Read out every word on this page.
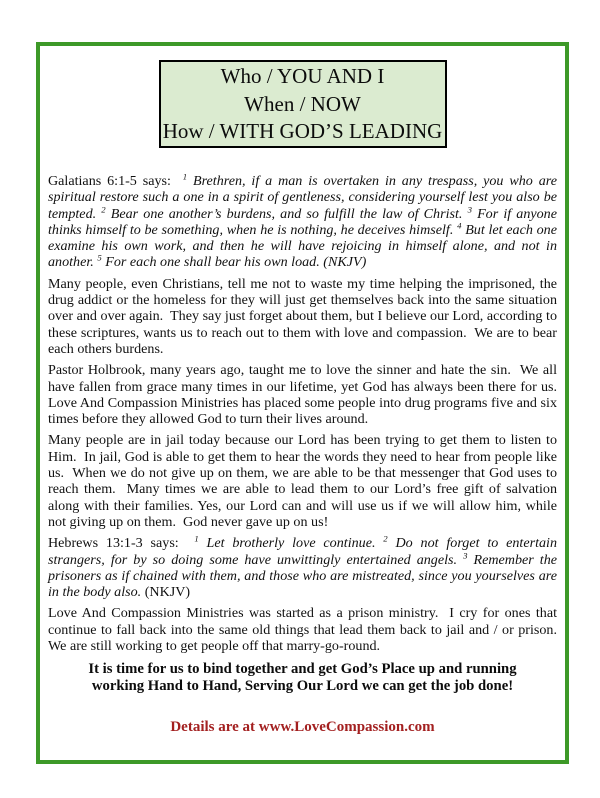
Who / YOU AND I
When / NOW
How / WITH GOD’S LEADING

Galatians 6:1-5 says:  $^1$ Brethren, if a man is overtaken in any trespass, you who are spiritual restore such a one in a spirit of gentleness, considering yourself lest you also be tempted. $^2$ Bear one another’s burdens, and so fulfill the law of Christ. $^3$ For if anyone thinks himself to be something, when he is nothing, he deceives himself. $^4$ But let each one examine his own work, and then he will have rejoicing in himself alone, and not in another. $^5$ For each one shall bear his own load. (NKJV)

Many people, even Christians, tell me not to waste my time helping the imprisoned, the drug addict or the homeless for they will just get themselves back into the same situation over and over again.  They say just forget about them, but I believe our Lord, according to these scriptures, wants us to reach out to them with love and compassion.  We are to bear each others burdens.

Pastor Holbrook, many years ago, taught me to love the sinner and hate the sin.  We all have fallen from grace many times in our lifetime, yet God has always been there for us.  Love And Compassion Ministries has placed some people into drug programs five and six times before they allowed God to turn their lives around.

Many people are in jail today because our Lord has been trying to get them to listen to Him.  In jail, God is able to get them to hear the words they need to hear from people like us.  When we do not give up on them, we are able to be that messenger that God uses to reach them.  Many times we are able to lead them to our Lord’s free gift of salvation along with their families. Yes, our Lord can and will use us if we will allow him, while not giving up on them.  God never gave up on us!

Hebrews 13:1-3 says:  $^1$ Let brotherly love continue. $^2$ Do not forget to entertain strangers, for by so doing some have unwittingly entertained angels. $^3$ Remember the prisoners as if chained with them, and those who are mistreated, since you yourselves are in the body also. (NKJV)

Love And Compassion Ministries was started as a prison ministry.  I cry for ones that continue to fall back into the same old things that lead them back to jail and / or prison.  We are still working to get people off that marry-go-round.

It is time for us to bind together and get God’s Place up and running
working Hand to Hand, Serving Our Lord we can get the job done!
Details are at www.LoveCompassion.com
